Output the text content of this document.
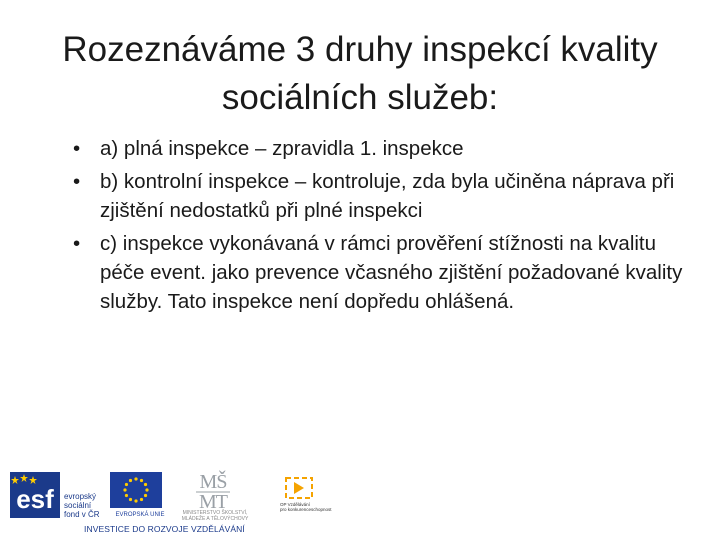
Rozeznáváme 3 druhy inspekcí kvality
sociálních služeb:
• a) plná inspekce – zpravidla 1. inspekce
• b) kontrolní inspekce – kontroluje, zda byla učiněna náprava při zjištění nedostatků při plné inspekci
• c) inspekce vykonávaná v rámci prověření stížnosti na kvalitu péče event. jako prevence včasného zjištění požadované kvality služby. Tato inspekce není dopředu ohlášená.
esf evropský
sociální
fond v ČR	EVROPSKÁ UNIE
MŠ
MT
MINISTERSTVO ŠKOLSTVÍ,
MLÁDEŽE A TĚLOVÝCHOVY
OP Vzdělávání
pro konkurenceschopnost
INVESTICE DO ROZVOJE VZDĚLÁVÁNÍ
